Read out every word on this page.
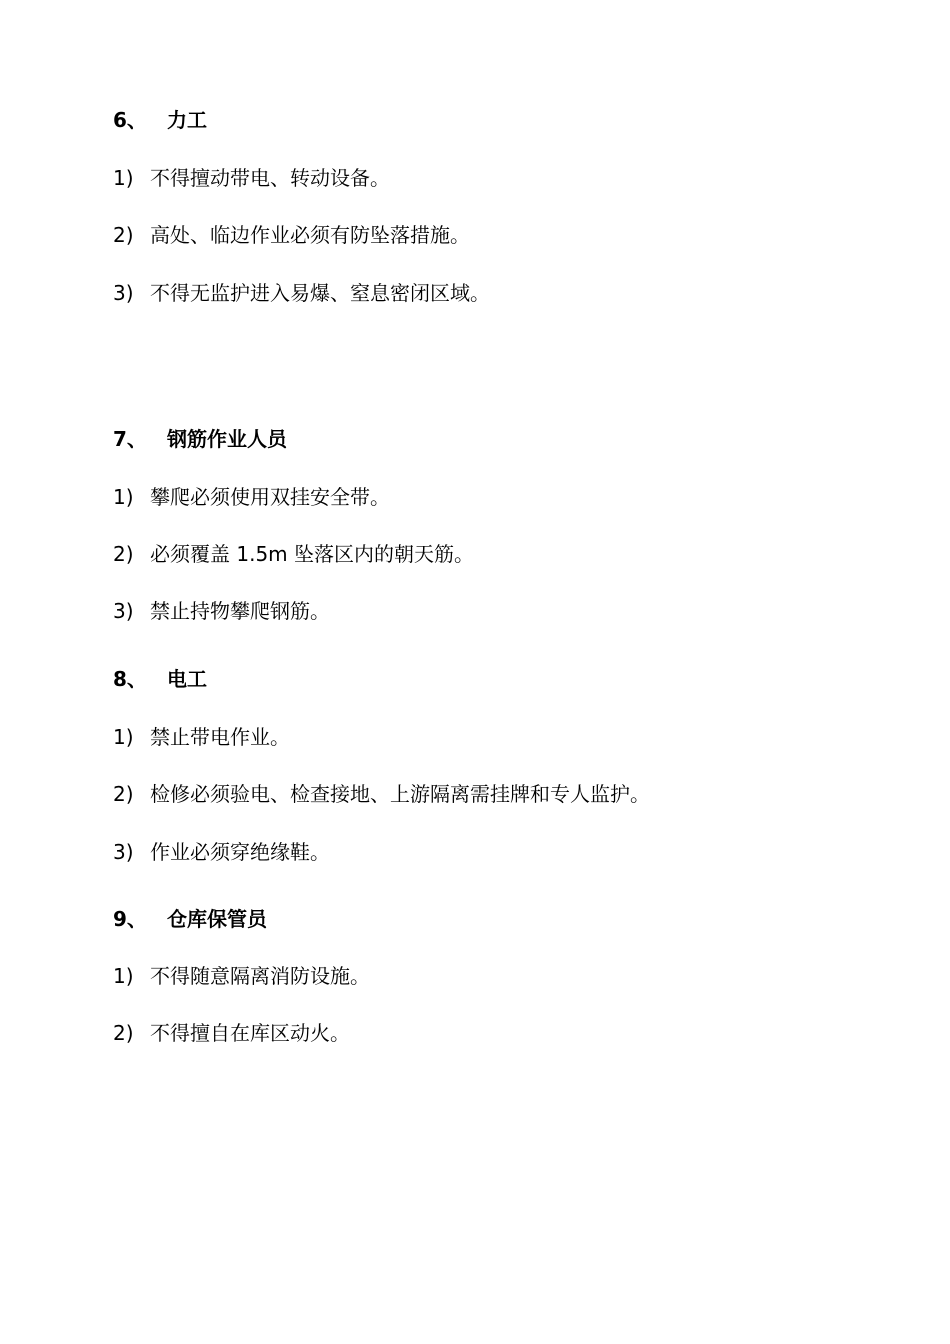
6、 力工
1) 不得擅动带电、转动设备。
2) 高处、临边作业必须有防坠落措施。
3) 不得无监护进入易爆、窒息密闭区域。
7、 钢筋作业人员
1) 攀爬必须使用双挂安全带。
2) 必须覆盖 1.5m 坠落区内的朝天筋。
3) 禁止持物攀爬钢筋。
8、 电工
1) 禁止带电作业。
2) 检修必须验电、检查接地、上游隔离需挂牌和专人监护。
3) 作业必须穿绝缘鞋。
9、 仓库保管员
1) 不得随意隔离消防设施。
2) 不得擅自在库区动火。
